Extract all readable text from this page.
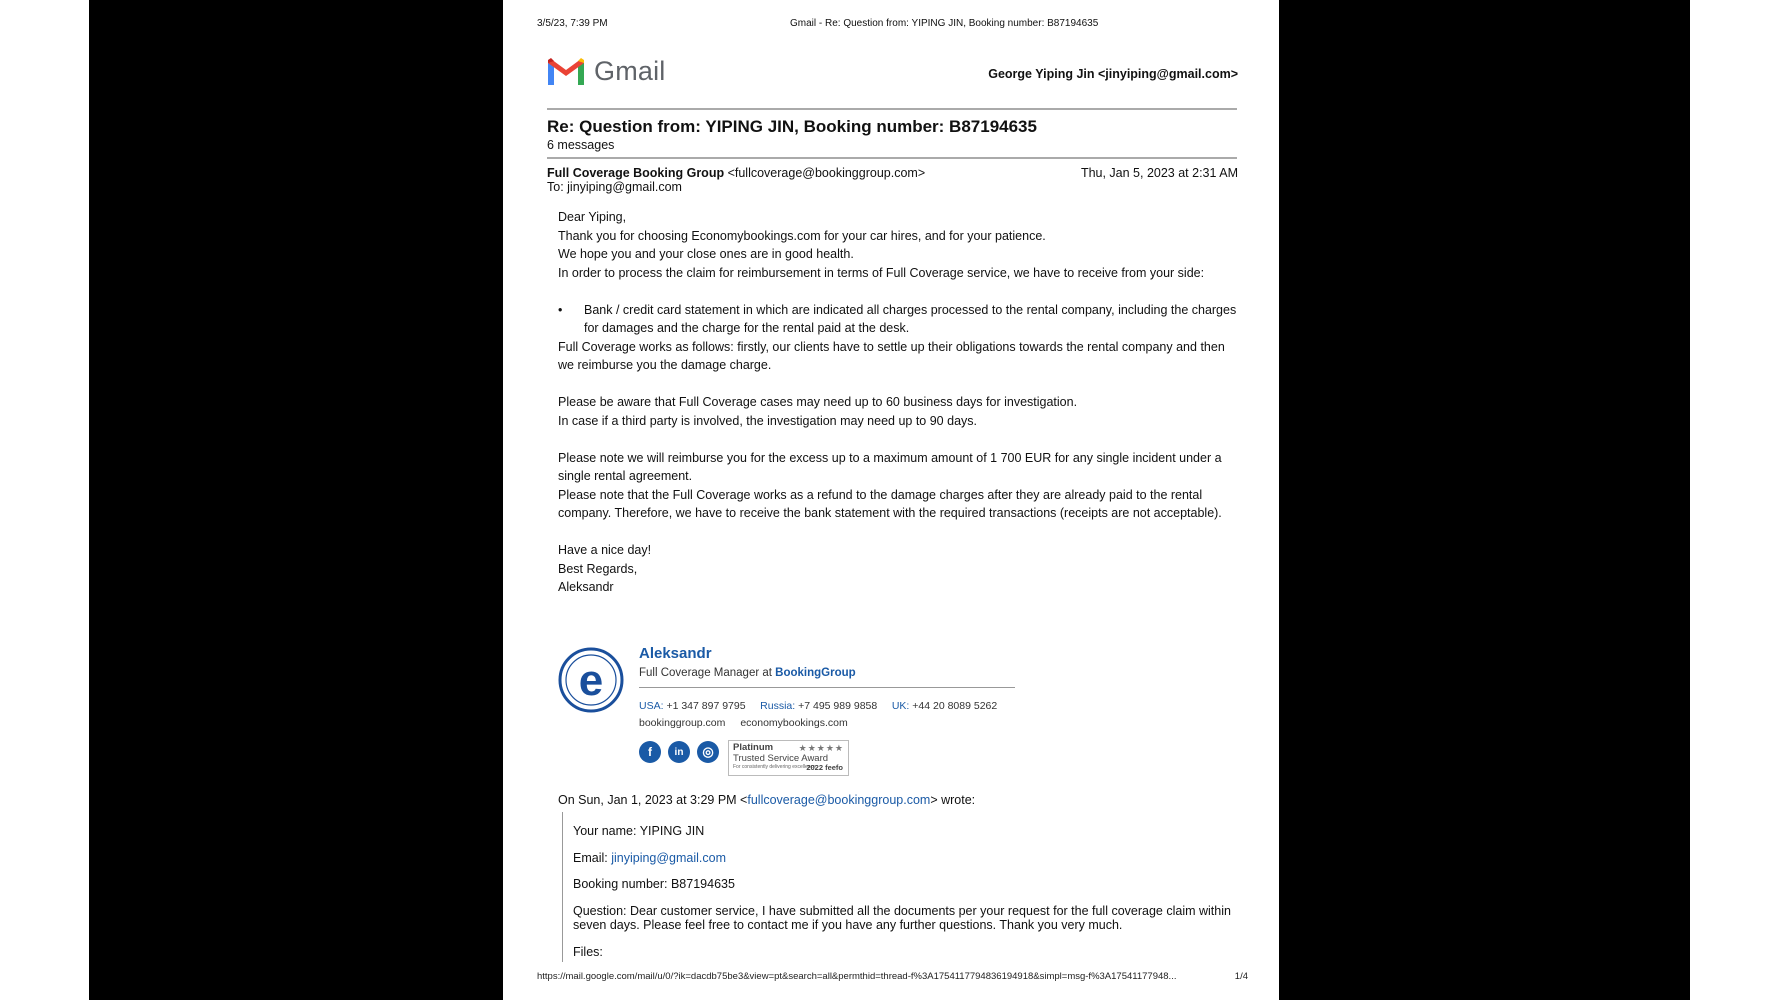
3/5/23, 7:39 PM	Gmail - Re: Question from: YIPING JIN, Booking number: B87194635
Gmail	George Yiping Jin <jinyiping@gmail.com>
Re: Question from: YIPING JIN, Booking number: B87194635
6 messages
Full Coverage Booking Group <fullcoverage@bookinggroup.com>	Thu, Jan 5, 2023 at 2:31 AM
To: jinyiping@gmail.com

Dear Yiping,

Thank you for choosing Economybookings.com for your car hires, and for your patience.

We hope you and your close ones are in good health.

In order to process the claim for reimbursement in terms of Full Coverage service, we have to receive from your side:

•	Bank / credit card statement in which are indicated all charges processed to the rental company, including the charges for damages and the charge for the rental paid at the desk.

Full Coverage works as follows: firstly, our clients have to settle up their obligations towards the rental company and then we reimburse you the damage charge.

Please be aware that Full Coverage cases may need up to 60 business days for investigation.

In case if a third party is involved, the investigation may need up to 90 days.

Please note we will reimburse you for the excess up to a maximum amount of 1 700 EUR for any single incident under a single rental agreement.

Please note that the Full Coverage works as a refund to the damage charges after they are already paid to the rental company. Therefore, we have to receive the bank statement with the required transactions (receipts are not acceptable).

Have a nice day!

Best Regards,

Aleksandr

e
Aleksandr
Full Coverage Manager at BookingGroup
USA: +1 347 897 9795 Russia: +7 495 989 9858 UK: +44 20 8089 5262
bookinggroup.com economybookings.com
f	in	◎	Platinum	★★★★★
Trusted Service Award
For consistently delivering excellence
2022 feefo
On Sun, Jan 1, 2023 at 3:29 PM <fullcoverage@bookinggroup.com> wrote:
Your name: YIPING JIN
Email: jinyiping@gmail.com
Booking number: B87194635
Question: Dear customer service, I have submitted all the documents per your request for the full coverage claim within seven days. Please feel free to contact me if you have any further questions. Thank you very much.
Files:
https://mail.google.com/mail/u/0/?ik=dacdb75be3&view=pt&search=all&permthid=thread-f%3A1754117794836194918&simpl=msg-f%3A17541177948...	1/4
